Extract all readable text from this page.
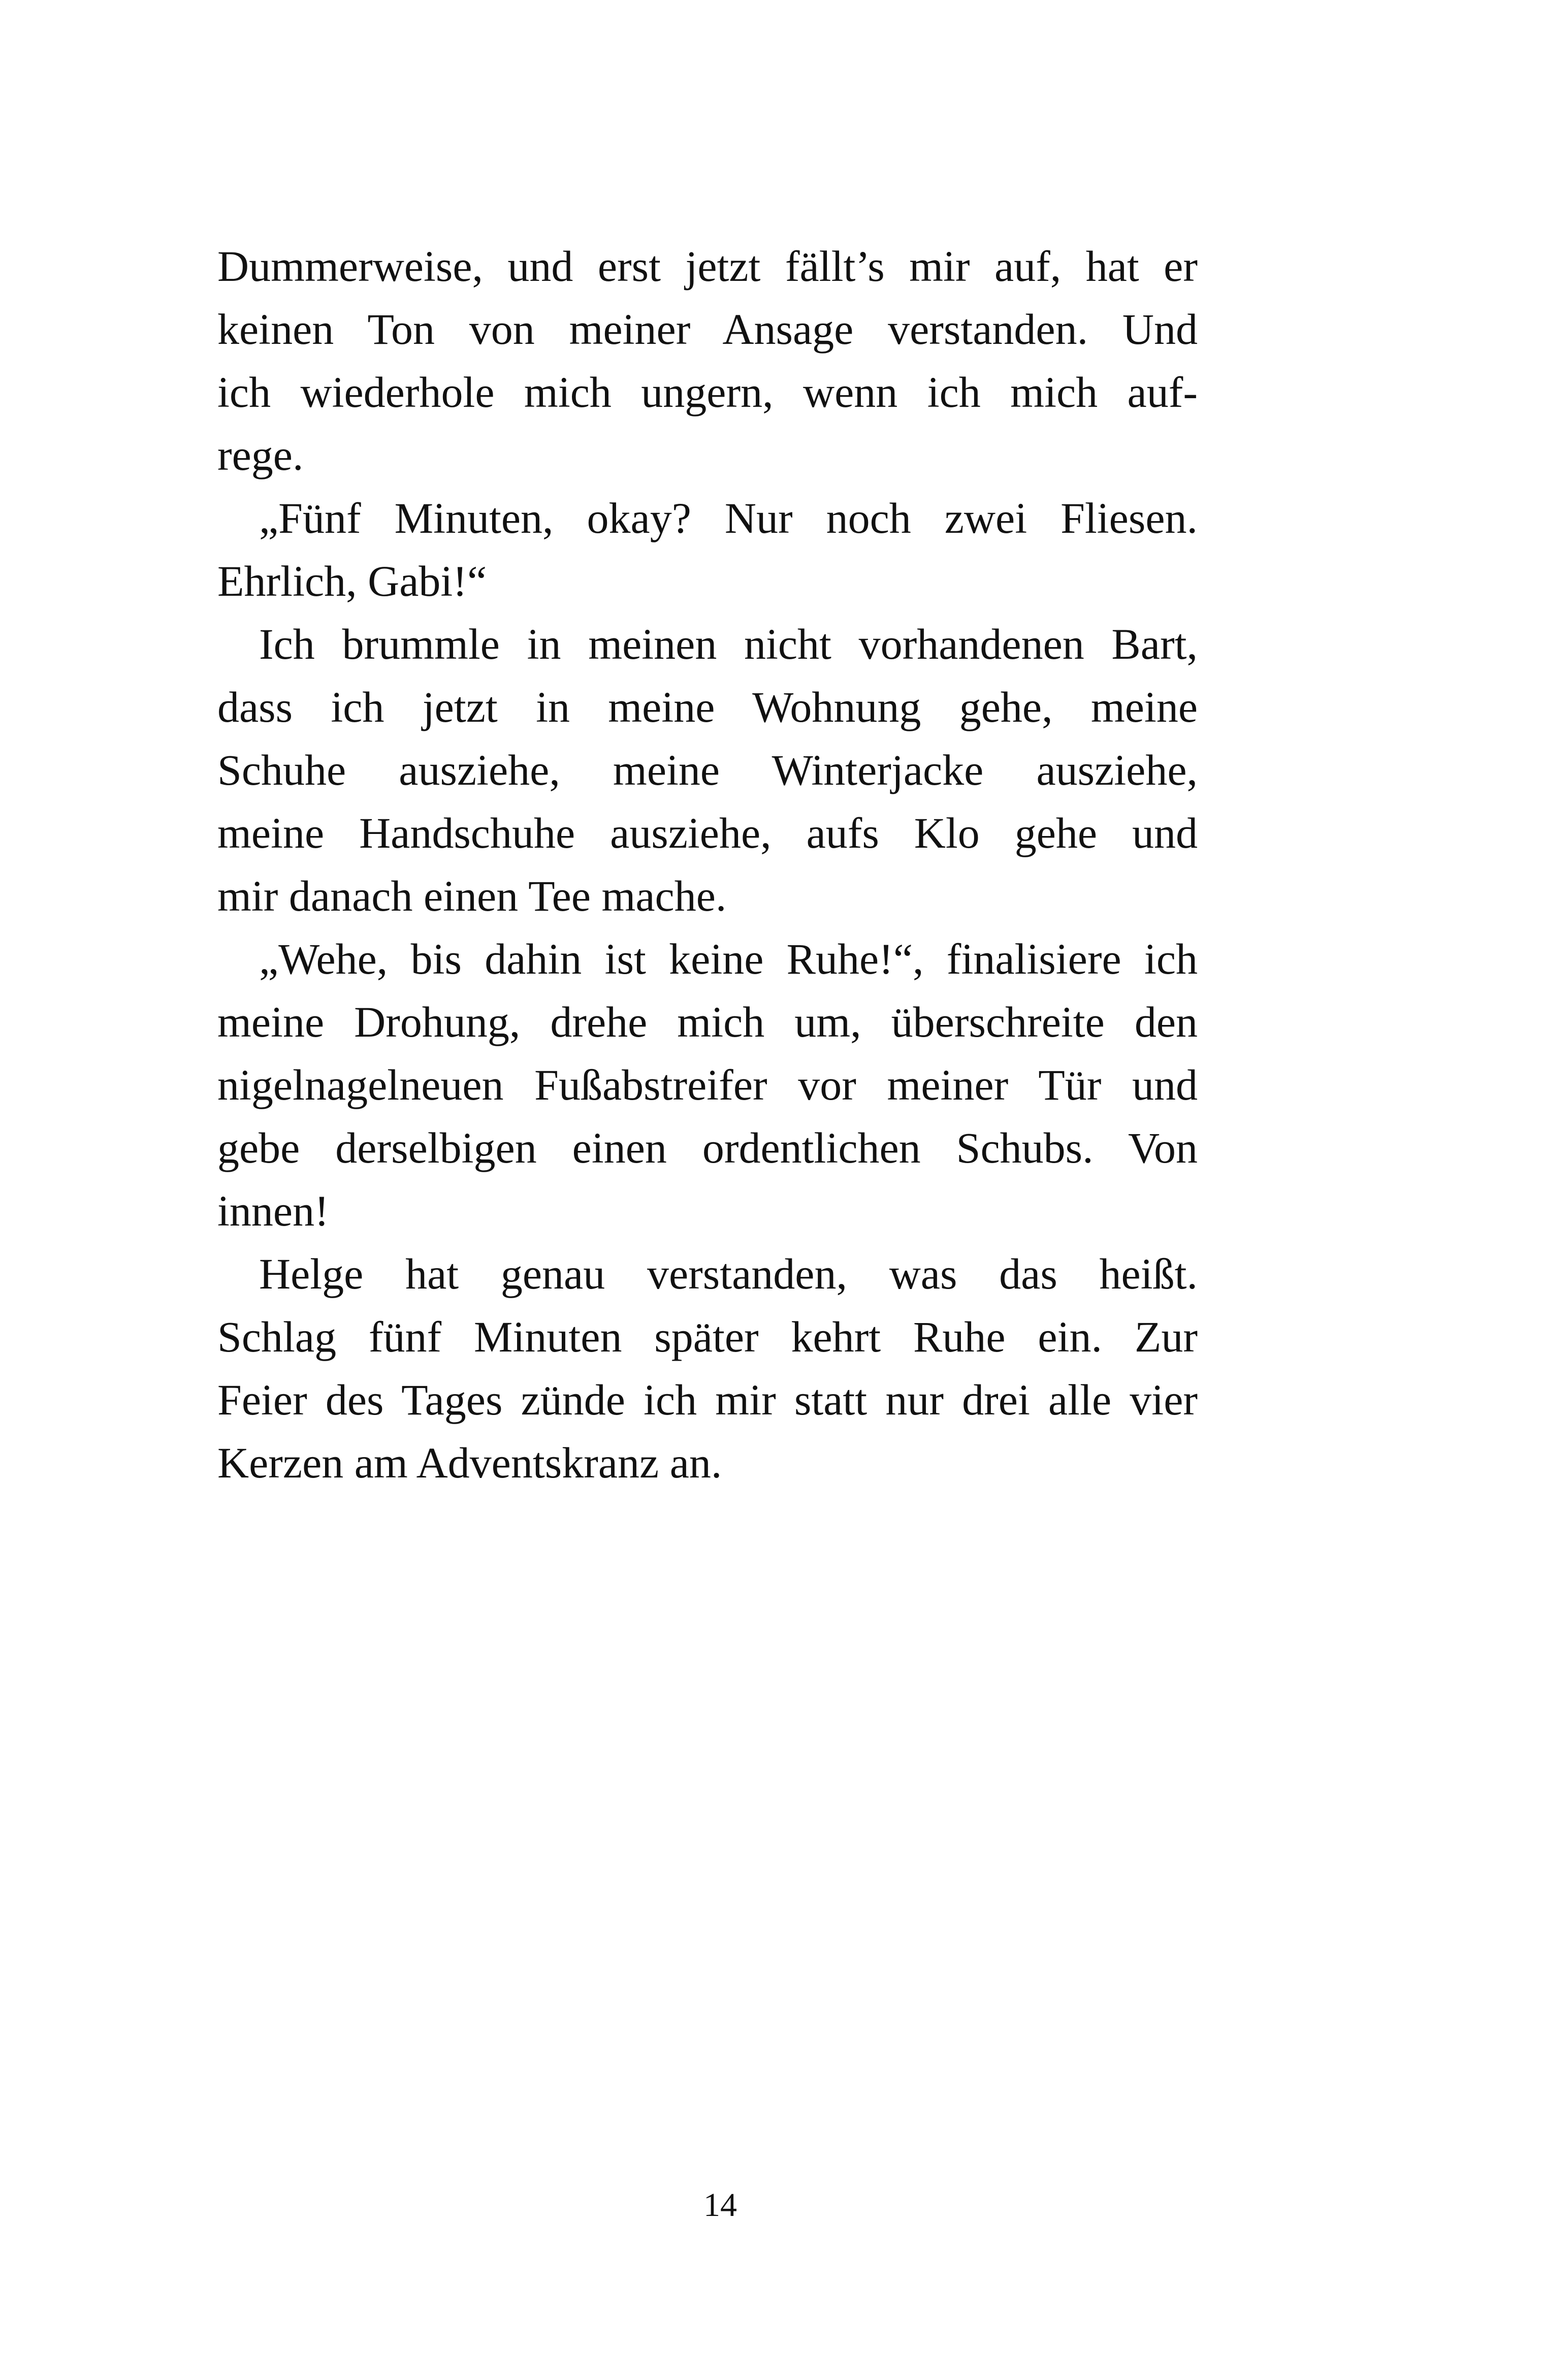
Dummerweise, und erst jetzt fällt’s mir auf, hat er
keinen Ton von meiner Ansage verstanden. Und
ich wiederhole mich ungern, wenn ich mich auf-
rege.
„Fünf Minuten, okay? Nur noch zwei Fliesen.
Ehrlich, Gabi!“
Ich brummle in meinen nicht vorhandenen Bart,
dass ich jetzt in meine Wohnung gehe, meine
Schuhe ausziehe, meine Winterjacke ausziehe,
meine Handschuhe ausziehe, aufs Klo gehe und
mir danach einen Tee mache.
„Wehe, bis dahin ist keine Ruhe!“, finalisiere ich
meine Drohung, drehe mich um, überschreite den
nigelnagelneuen Fußabstreifer vor meiner Tür und
gebe derselbigen einen ordentlichen Schubs. Von
innen!
Helge hat genau verstanden, was das heißt.
Schlag fünf Minuten später kehrt Ruhe ein. Zur
Feier des Tages zünde ich mir statt nur drei alle vier
Kerzen am Adventskranz an.
14
